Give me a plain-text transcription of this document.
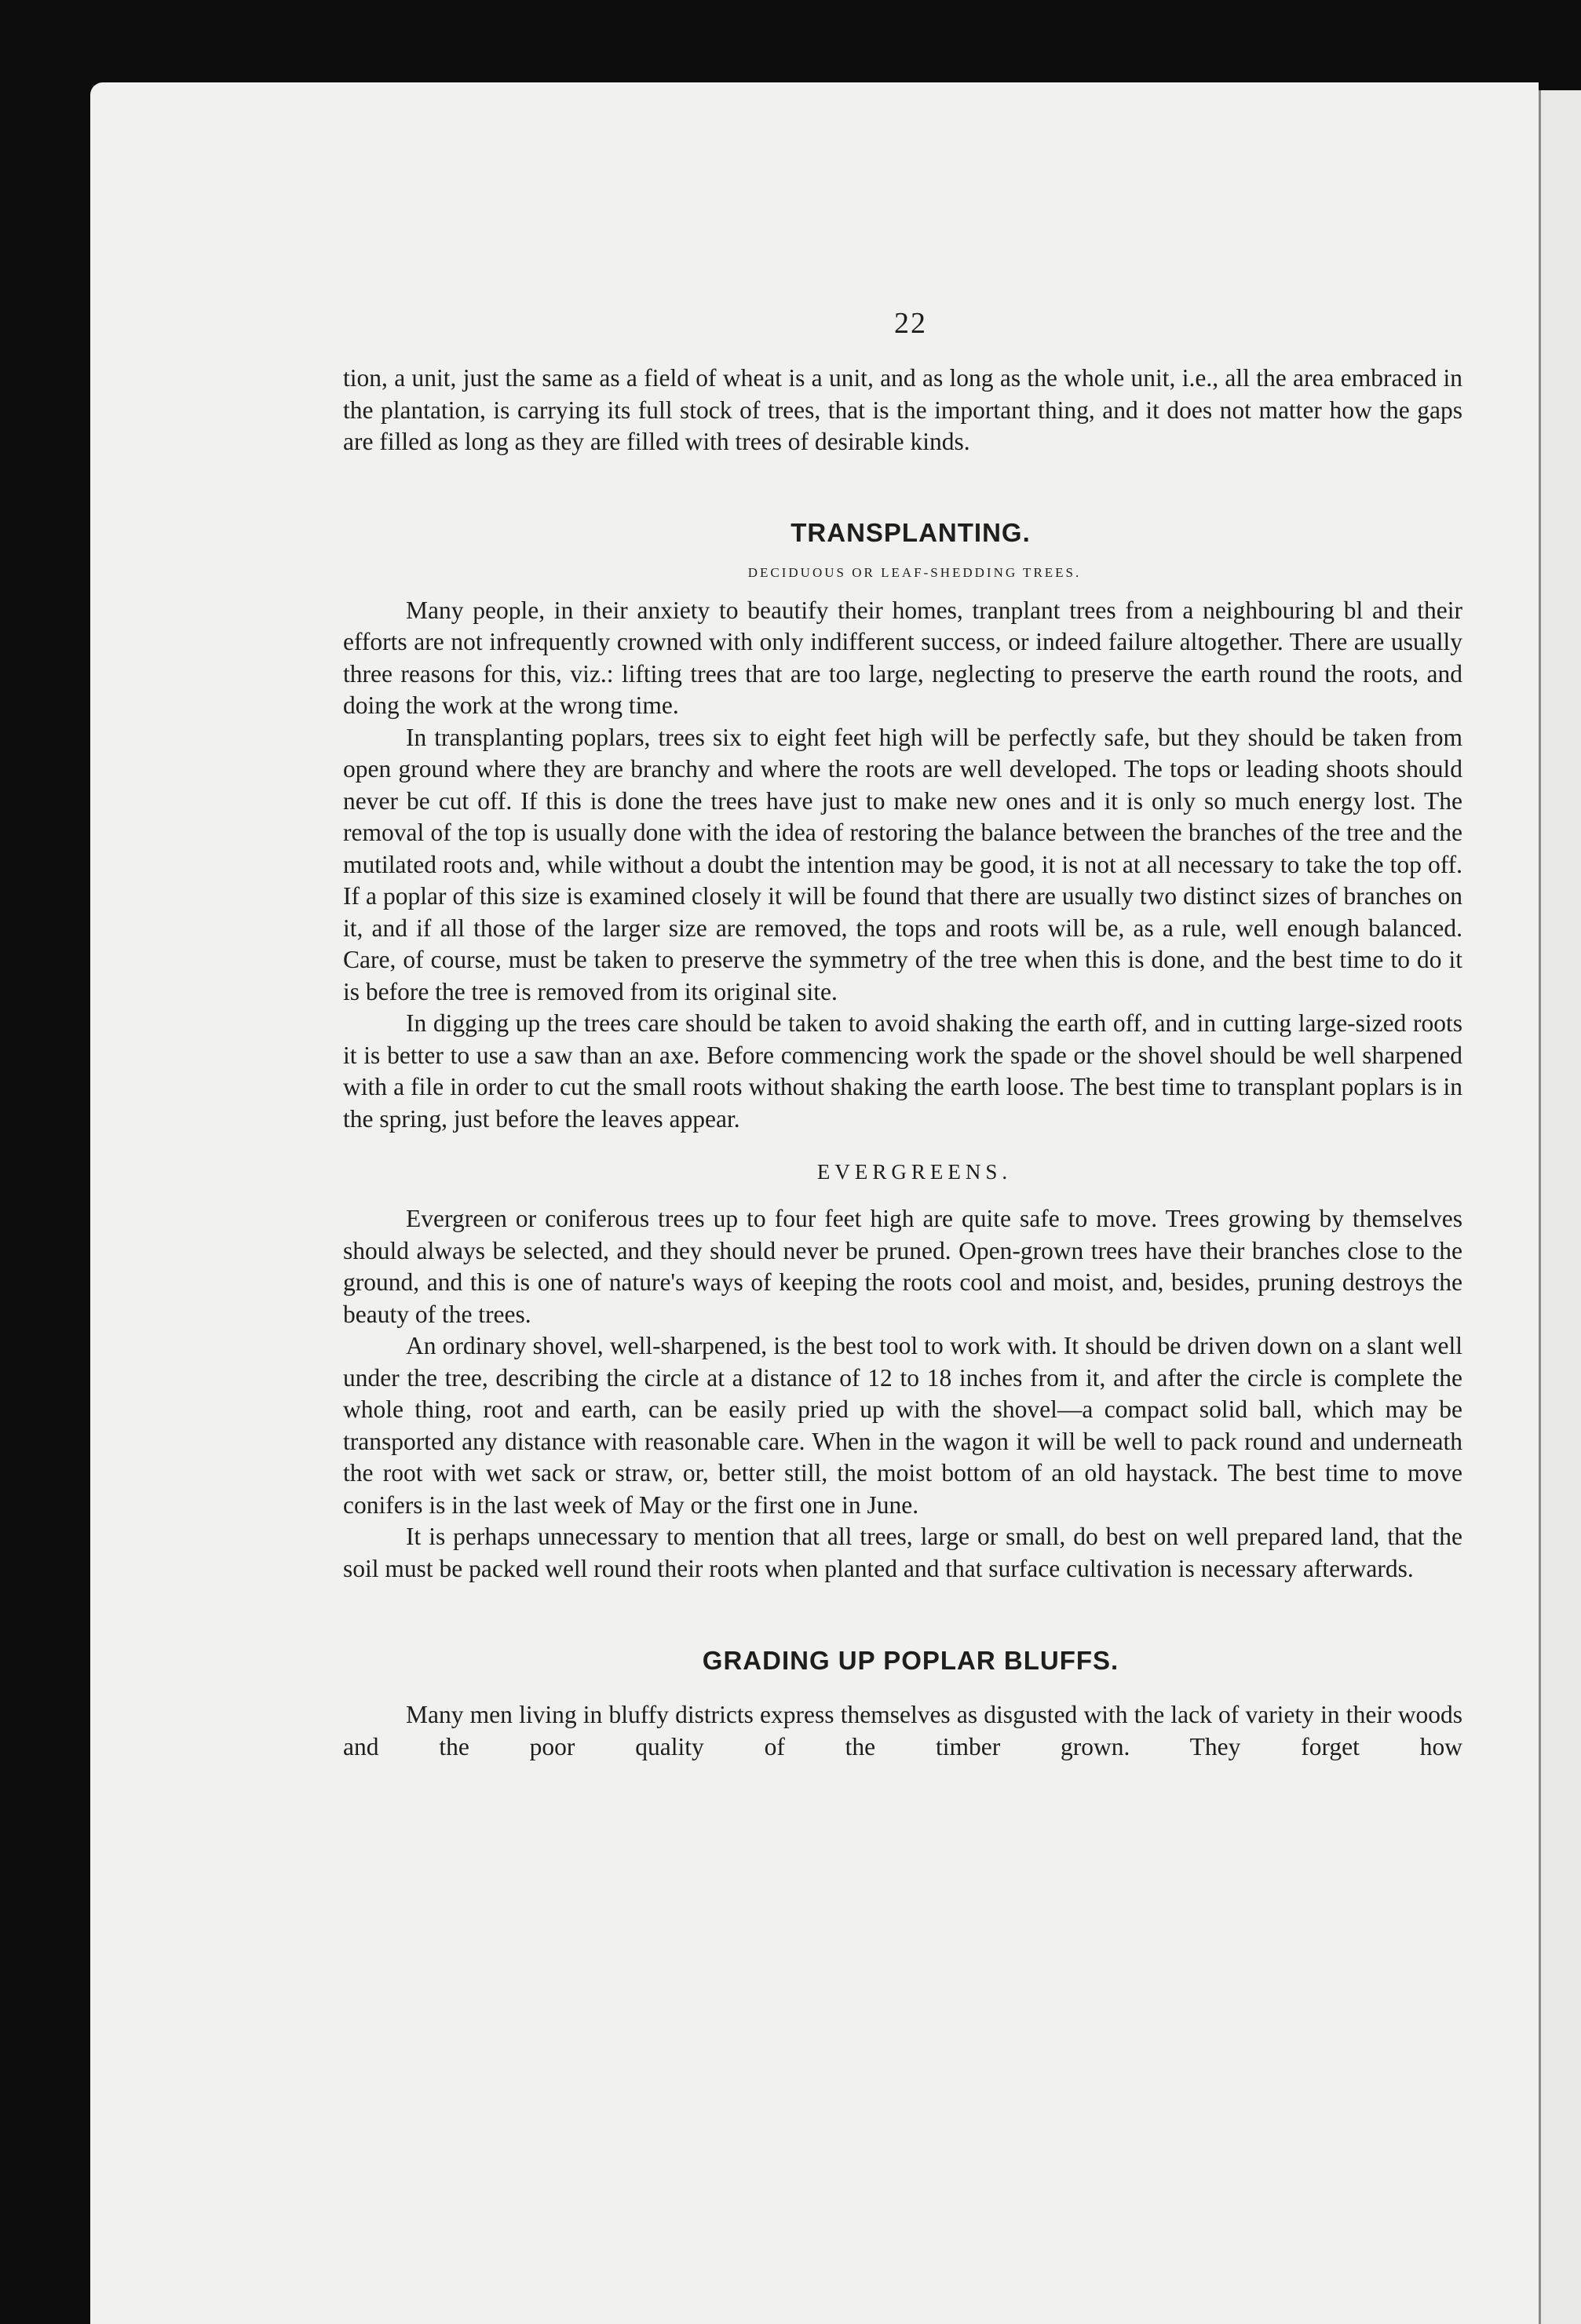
22

tion, a unit, just the same as a field of wheat is a unit, and as long as the whole unit, i.e., all the area embraced in the plantation, is carrying its full stock of trees, that is the important thing, and it does not matter how the gaps are filled as long as they are filled with trees of desirable kinds.

TRANSPLANTING.
DECIDUOUS OR LEAF-SHEDDING TREES.

Many people, in their anxiety to beautify their homes, tranplant trees from a neighbouring bl and their efforts are not infrequently crowned with only indifferent success, or indeed failure altogether. There are usually three reasons for this, viz.: lifting trees that are too large, neglecting to preserve the earth round the roots, and doing the work at the wrong time.

In transplanting poplars, trees six to eight feet high will be perfectly safe, but they should be taken from open ground where they are branchy and where the roots are well developed. The tops or leading shoots should never be cut off. If this is done the trees have just to make new ones and it is only so much energy lost. The removal of the top is usually done with the idea of restoring the balance between the branches of the tree and the mutilated roots and, while without a doubt the intention may be good, it is not at all necessary to take the top off. If a poplar of this size is examined closely it will be found that there are usually two distinct sizes of branches on it, and if all those of the larger size are removed, the tops and roots will be, as a rule, well enough balanced. Care, of course, must be taken to preserve the symmetry of the tree when this is done, and the best time to do it is before the tree is removed from its original site.

In digging up the trees care should be taken to avoid shaking the earth off, and in cutting large-sized roots it is better to use a saw than an axe. Before commencing work the spade or the shovel should be well sharpened with a file in order to cut the small roots without shaking the earth loose. The best time to transplant poplars is in the spring, just before the leaves appear.

EVERGREENS.

Evergreen or coniferous trees up to four feet high are quite safe to move. Trees growing by themselves should always be selected, and they should never be pruned. Open-grown trees have their branches close to the ground, and this is one of nature's ways of keeping the roots cool and moist, and, besides, pruning destroys the beauty of the trees.

An ordinary shovel, well-sharpened, is the best tool to work with. It should be driven down on a slant well under the tree, describing the circle at a distance of 12 to 18 inches from it, and after the circle is complete the whole thing, root and earth, can be easily pried up with the shovel—a compact solid ball, which may be transported any distance with reasonable care. When in the wagon it will be well to pack round and underneath the root with wet sack or straw, or, better still, the moist bottom of an old haystack. The best time to move conifers is in the last week of May or the first one in June.

It is perhaps unnecessary to mention that all trees, large or small, do best on well prepared land, that the soil must be packed well round their roots when planted and that surface cultivation is necessary afterwards.

GRADING UP POPLAR BLUFFS.

Many men living in bluffy districts express themselves as disgusted with the lack of variety in their woods and the poor quality of the timber grown. They forget how
